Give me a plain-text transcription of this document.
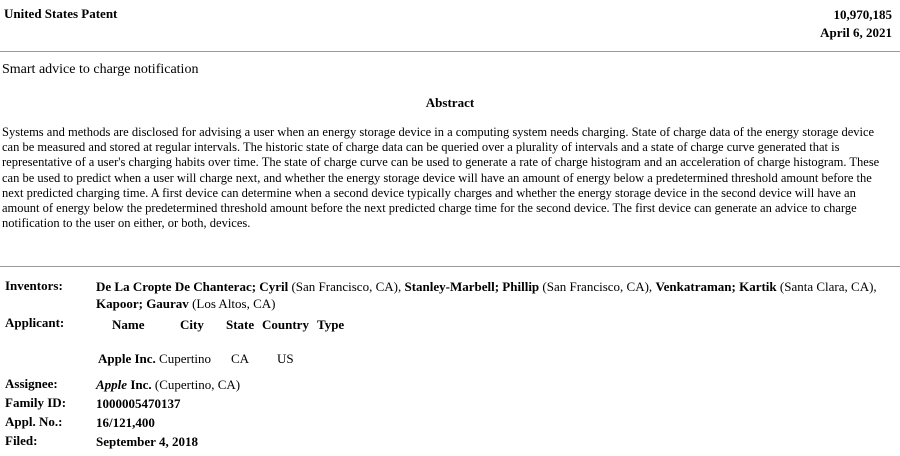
United States Patent	10,970,185
April 6, 2021
Smart advice to charge notification
Abstract
Systems and methods are disclosed for advising a user when an energy storage device in a computing system needs charging. State of charge data of the energy storage device can be measured and stored at regular intervals. The historic state of charge data can be queried over a plurality of intervals and a state of charge curve generated that is representative of a user's charging habits over time. The state of charge curve can be used to generate a rate of charge histogram and an acceleration of charge histogram. These can be used to predict when a user will charge next, and whether the energy storage device will have an amount of energy below a predetermined threshold amount before the next predicted charging time. A first device can determine when a second device typically charges and whether the energy storage device in the second device will have an amount of energy below the predetermined threshold amount before the next predicted charge time for the second device. The first device can generate an advice to charge notification to the user on either, or both, devices.
Inventors:	De La Cropte De Chanterac; Cyril (San Francisco, CA), Stanley-Marbell; Phillip (San Francisco, CA), Venkatraman; Kartik (Santa Clara, CA), Kapoor; Gaurav (Los Altos, CA)
Applicant:	Name	City State Country Type
Apple Inc. Cupertino CA US
Assignee:	Apple Inc. (Cupertino, CA)
Family ID: 1000005470137
Appl. No.:	16/121,400
Filed:	September 4, 2018
